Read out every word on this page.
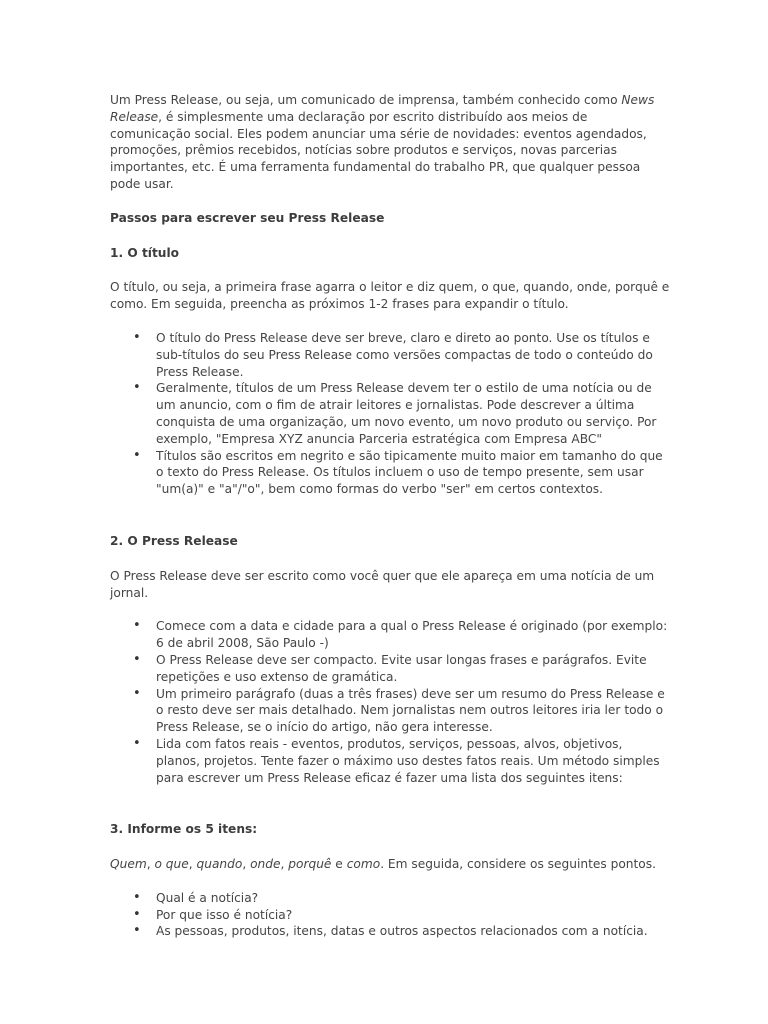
Um Press Release, ou seja, um comunicado de imprensa, também conhecido como News Release, é simplesmente uma declaração por escrito distribuído aos meios de comunicação social. Eles podem anunciar uma série de novidades: eventos agendados, promoções, prêmios recebidos, notícias sobre produtos e serviços, novas parcerias importantes, etc. É uma ferramenta fundamental do trabalho PR, que qualquer pessoa pode usar.

Passos para escrever seu Press Release
1. O título

O título, ou seja, a primeira frase agarra o leitor e diz quem, o que, quando, onde, porquê e como. Em seguida, preencha as próximos 1-2 frases para expandir o título.

• O título do Press Release deve ser breve, claro e direto ao ponto. Use os títulos e sub-títulos do seu Press Release como versões compactas de todo o conteúdo do Press Release.
• Geralmente, títulos de um Press Release devem ter o estilo de uma notícia ou de um anuncio, com o fim de atrair leitores e jornalistas. Pode descrever a última conquista de uma organização, um novo evento, um novo produto ou serviço. Por exemplo, "Empresa XYZ anuncia Parceria estratégica com Empresa ABC"
• Títulos são escritos em negrito e são tipicamente muito maior em tamanho do que o texto do Press Release. Os títulos incluem o uso de tempo presente, sem usar "um(a)" e "a"/"o", bem como formas do verbo "ser" em certos contextos.
2. O Press Release

O Press Release deve ser escrito como você quer que ele apareça em uma notícia de um jornal.

• Comece com a data e cidade para a qual o Press Release é originado (por exemplo: 6 de abril 2008, São Paulo -)
• O Press Release deve ser compacto. Evite usar longas frases e parágrafos. Evite repetições e uso extenso de gramática.
• Um primeiro parágrafo (duas a três frases) deve ser um resumo do Press Release e o resto deve ser mais detalhado. Nem jornalistas nem outros leitores iria ler todo o Press Release, se o início do artigo, não gera interesse.
• Lida com fatos reais - eventos, produtos, serviços, pessoas, alvos, objetivos, planos, projetos. Tente fazer o máximo uso destes fatos reais. Um método simples para escrever um Press Release eficaz é fazer uma lista dos seguintes itens:
3. Informe os 5 itens:

Quem, o que, quando, onde, porquê e como. Em seguida, considere os seguintes pontos.

• Qual é a notícia?
• Por que isso é notícia?
• As pessoas, produtos, itens, datas e outros aspectos relacionados com a notícia.
